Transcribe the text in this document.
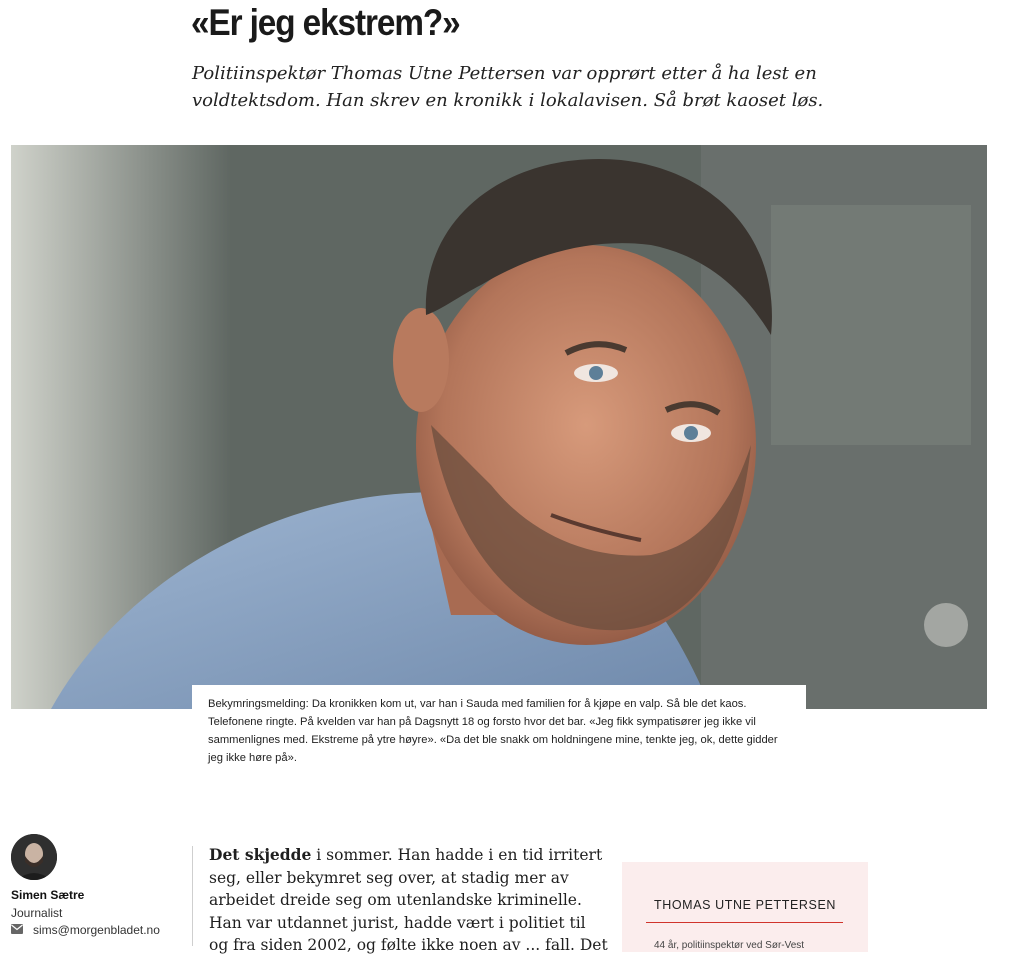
«Er jeg ekstrem?»

Politiinspektør Thomas Utne Pettersen var opprørt etter å ha lest en voldtektsdom. Han skrev en kronikk i lokalavisen. Så brøt kaoset løs.

Bekymringsmelding: Da kronikken kom ut, var han i Sauda med familien for å kjøpe en valp. Så ble det kaos. Telefonene ringte. På kvelden var han på Dagsnytt 18 og forsto hvor det bar. «Jeg fikk sympatisører jeg ikke vil sammenlignes med. Ekstreme på ytre høyre». «Da det ble snakk om holdningene mine, tenkte jeg, ok, dette gidder jeg ikke høre på».
Simen Sætre
Journalist
sims@morgenbladet.no

Det skjedde i sommer. Han hadde i en tid irritert seg, eller bekymret seg over, at stadig mer av arbeidet dreide seg om utenlandske kriminelle. Han var utdannet jurist, hadde vært i politiet til og fra siden 2002, og følte ikke noen av ... fall. Det

THOMAS UTNE PETTERSEN
44 år, politiinspektør ved Sør-Vest
